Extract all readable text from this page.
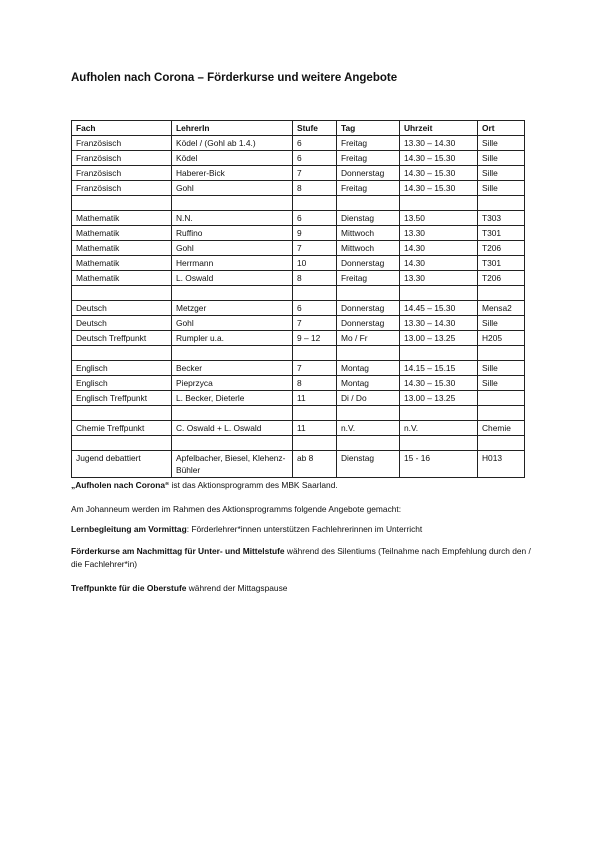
Aufholen nach Corona – Förderkurse und weitere Angebote
Fach	LehrerIn	Stufe	Tag	Uhrzeit	Ort
Französisch	Ködel / (Gohl ab 1.4.)	6	Freitag	13.30 – 14.30	Sille
Französisch	Ködel	6	Freitag	14.30 – 15.30	Sille
Französisch	Haberer-Bick	7	Donnerstag	14.30 – 15.30	Sille
Französisch	Gohl	8	Freitag	14.30 – 15.30	Sille

Mathematik	N.N.	6	Dienstag	13.50	T303
Mathematik	Ruffino	9	Mittwoch	13.30	T301
Mathematik	Gohl	7	Mittwoch	14.30	T206
Mathematik	Herrmann	10	Donnerstag	14.30	T301
Mathematik	L. Oswald	8	Freitag	13.30	T206

Deutsch	Metzger	6	Donnerstag	14.45 – 15.30	Mensa2
Deutsch	Gohl	7	Donnerstag	13.30 – 14.30	Sille
Deutsch Treffpunkt	Rumpler u.a.	9 – 12	Mo / Fr	13.00 – 13.25	H205

Englisch	Becker	7	Montag	14.15 – 15.15	Sille
Englisch	Pieprzyca	8	Montag	14.30 – 15.30	Sille
Englisch Treffpunkt	L. Becker, Dieterle	11	Di / Do	13.00 – 13.25	

Chemie Treffpunkt	C. Oswald + L. Oswald	11	n.V.	n.V.	Chemie

Jugend debattiert	Apfelbacher, Biesel, Klehenz-Bühler	ab 8	Dienstag	15 - 16	H013

„Aufholen nach Corona“ ist das Aktionsprogramm des MBK Saarland.

Am Johanneum werden im Rahmen des Aktionsprogramms folgende Angebote gemacht:

Lernbegleitung am Vormittag: Förderlehrer*innen unterstützen Fachlehrerinnen im Unterricht

Förderkurse am Nachmittag für Unter- und Mittelstufe während des Silentiums (Teilnahme nach Empfehlung durch den / die Fachlehrer*in)

Treffpunkte für die Oberstufe während der Mittagspause
